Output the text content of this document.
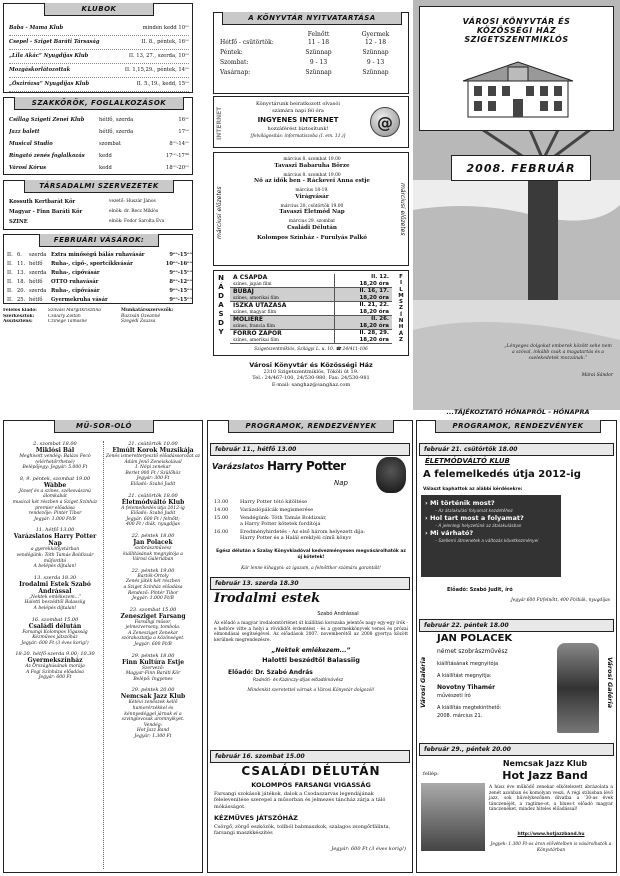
KLUBOK
Baba - Mama Klub	minden kedd 10ᵒᵒ
Csepel - Sziget Baráti Társaság	II. 8., péntek, 16ᵒᵒ
„Lila Akác” Nyugdíjas Klub	II. 13, 27., szerda, 10ᵒᵒ
Mozgáskorlátozottak	II. 1,15,29., péntek, 14ᵒᵒ
„Őszirózsa” Nyugdíjas Klub	II. 5.,19., kedd, 15ᵒᵒ
SZAKKÖRÖK, FOGLALKOZÁSOK
Csillag Szigeti Zenei Klub	hétfő, szerda	16ᵒᵒ
Jazz balett	hétfő, szerda	17ᵒᵒ
Musical Studio	szombat	8ᵒᵒ-14ᵒᵒ
Ringató zenés foglalkozás	kedd	17ᵒᵒ-17³⁰
Városi Kórus	kedd	18ᵒᵒ-20ᵒᵒ
TÁRSADALMI SZERVEZETEK
Kossuth Kertbarát Kör	vezető: Huszár János
Magyar - Finn Baráti Kör	elnök: dr. Becz Miklós
SZINE	elnök: Fodor Sarolta Éva
FEBRUÁRI VÁSÁROK:
II. 6.	szerda Extra minőségű bálás ruhavásár	9ᵒᵒ-15ᵒᵒ
II. 11. hétfő	Ruha-, cipő-, sportcikkvásár	10ᵒᵒ-16ᵒᵒ
II. 13. szerda Ruha-, cipővásár	9ᵒᵒ-15ᵒᵒ
II. 18. hétfő	OTTO ruhavásár	8ᵒᵒ-12ᵒᵒ
II. 20. szerda Ruha-, cipővásár	9ᵒᵒ-15ᵒᵒ
II. 25. hétfő	Gyermekruha vásár	9ᵒᵒ-15ᵒᵒ
Felelős kiadó:	Szilvási Margitkrisztina
Szerkesztők:	Csilláry Zoltán
Asszisztens:	Czinege Tamásné
Munkatársszervezők:
Buzzsán Ozeanné
Szegedi Zsuzsa
A KÖNYVTÁR NYITVATARTÁSA
Felnőtt	Gyermek
Hétfő - csütörtök:	11 - 18	12 - 18
Péntek:	Szünnap	Szünnap
Szombat:	9 - 13	9 - 13
Vasárnap:	Szünnap	Szünnap
INTERNET
Könyvtárunk beiratkozott olvasói
számára napi fél óra
INGYENES INTERNET
hozzáférést biztosítunk!
[felvilágosítás: informatiszoba (I. em. 11.)]
@
márciusi előzetes	márciusi előzetes
március 8. szombat 19.00
Tavaszi Babaruha Börze
március 8. szombat 19.00
Nő az idők ben - Ráckevei Anna estje
március 18-19.
Virágvásár
március 20. csütörtök 19.00
Tavaszi Életmód Nap
március 29. szombat
Családi Délután
Kolompos Színház - Furulyás Palkó
N
Á
D
A
S
D
Y
F
I
L
M
S
Z
Í
N
H
Á
Z
A CSAPDA
színes, japán film
II. 12.
18,20 óra
BÜBÁJ
színes, amerikai film
II. 16, 17.
18,20 óra
ISZKA UTAZÁSA
színes, magyar film
II. 21, 22.
18,20 óra
MOLIÈRE
színes, francia film
II. 26.
18,20 óra
FORRÓ ZÁPOR
színes, amerikai film
II. 28, 29.
18,20 óra
Szigetszentmiklós, Szilágyi L. u. 10. ☎ 24/411-106
Városi Könyvtár és Közösségi Ház
2310 Szigetszentmiklós, Tököli út 19.
Tel.: 24/467-100, 24/530-980, Fax: 24/530-981
E-mail: sanghaz@sanghaz.com
VÁROSI KÖNYVTÁR ÉS
KÖZÖSSÉGI HÁZ
SZIGETSZENTMIKLÓS
2008. FEBRUÁR
„Lényeges dolgokat emberek között sehe nem a szóval, inkább csak a magatartás és a cselekedetek mozzának.”
Márai Sándor
...TÁJÉKOZTATÓ HÓNAPRÓL - HÓNAPRA
MŰ-SOR-OLÓ
2. szombat 18.00
Miklósi Bál
Meghívott vendég: Balázs Fecó
(elérhetőrrhetsé)
Belépőjegy: Jegyár: 5.000 Ft
8, 9. péntek, szombat 19.00
Wábbe
József és a színes, szélesvásznú álomkabát
musical két részben a Sziget Színház premier előadása
rendezője: Pintér Tibor
Jegyár: 1.000 Ft/B
11. hétfő 13.00
Varázslatos Harry Potter Nap
a gyerekkönyvtárban
vendégünk: Tóth Tamás Boldizsár
műfordító
A belépés díjtalan!
13. szerda 18.30
Irodalmi Estek Szabó Andrással
„Nektek emlékezem...”
Halotti beszédtől Balassiig
A belépés díjtalan!
16. szombat 15.00
Családi délután
Farsangi Kolompos Vigasság
Kézműves játszóház
Jegyár: 600 Ft (3 éves korig!)
18-20. hétfő-szerda 9.00; 10.30
Gyermekszínház
Az Országhúsának morája
A Fogi Színháza előadása
Jegyár: 600 Ft
21. csütörtök 10.00
Elmúlt Korok Muzsikája
Zenés ismeretterjesztő előadássorozat az
Ádám Jenő Zeneiskolával
I. Népi zenekar
Berlet 900 Ft / Szülőhöz
Jegyár: 300 Ft
Előadó: Szabó Judit
21. csütörtök 18.00
Életmódváltó Klub
A felemelkedés útja 2012-ig
Előadó: Szabó Judit
Jegyár: 600 Ft / felnőtt;
400 Ft / diák, nyugdíjas
22. péntek 18.00
Jan Polacek
szobrászművész
kiállításának megnyitója a
Városi Galériában
22. péntek 19.00
Bartók-Ortoly
Zenés játék két részben
a Sziget Színház előadása
Rendező: Pintér Tibor
Jegyár: 1.000 Ft/B
23. szombat 15.00
Zenesziget Farsang
Farsangi műsor,
jelmezverseny, tombola.
A Zenesziget Zenekar
szórakoztatja a közönséget.
Jegyár: 600 Ft/B
29. péntek 18.00
Finn Kultúra Estje
Szervező:
Magyar-Finn Baráti Kör
Belépő: Ingyenes
29. péntek 20.00
Nemcsak Jazz Klub
Kétévi zenészek kellő
humorérzékkel és
kénnyedéggel járnak el a
szvinglovcsak aromnyikyet.
Vendég:
Hot Jazz Band
Jegyár: 1.300 Ft
PROGRAMOK, RENDEZVÉNYEK
február 11., hétfő 13.00
Varázslatos Harry Potter
Nap
13.00	Harry Potter tótó kitöltése
14.00	Varázslópálcák megismerése
15.00	Vendégünk: Tóth Tamás Boldizsár,
a Harry Potter kötetek fordítója
16.00	Eredményhirdetés - Az első három helyezett díja:
Harry Potter és a Halál ereklyéi című könyv
Egész délután a Szalay Könyvkiadóval kedvezményesen megvásárolhatók az új kötetek!
Kár lenne kihagyni: az igazam, a felnőttkor számára garantált!
február 13. szerda 18.30
Irodalmi estek
Szabó Andrással
Az előadó a magyar irodalomtörténet út kiállítási korszaka jelentős nagy egy-egy írók - e heltöre vitte a helyi a rövididőt érdemtést - és a gyermekkönyvek versei és prózai elmondásai segítségével. Az előadások 2007. novemberétől az 2008 gyertya között kerülnek megrendezésre.
„Nektek emlékezem...”
Halotti beszédtől Balassiig
Előadó: Dr. Szabó András
Radnóti- és Kazinczy-díjas előadóművész
Mindenkit szeretettel várnak a Városi Könyvtár dolgozói!
február 16. szombat 15.00
CSALÁDI DÉLUTÁN
KOLOMPOS FARSANGI VIGASSÁG
Farsangi szokások játékok, dalok a Csodaszarvas legendájának felelevenítése szerepel a műsorban és jelmezes táncház zárja a táló mókásságot.
KÉZMŰVES JÁTSZÓHÁZ
Csörgő, zörgő eszközök, tollból babmaszkok, szalagos zsongőrfálinta, farsangi maszkkészítés
Jegyár: 600 Ft (3 éves korig!)
PROGRAMOK, RENDEZVÉNYEK
február 21. csütörtök 18.00
ÉLETMÓDVÁLTÓ KLUB
A felemelkedés útja 2012-ig
Választ kaphattok az alábbi kérdésekre:
› Mi történik most?
– Az átalakulási folyamat kezdetéhez
› Hol tart most a folyamat?
– A jelenlegi helyzetünk az átalakulásban
› Mi várható?
– Szellemi átmenetek a változás következményei
Előadó: Szabó Judit, író
Jegyár 600 Ft/felnőtt, 400 Ft/diák, nyugdíjas
február 22. péntek 18.00
Városi Galéria	Városi Galéria
JAN POLACEK
német szobrászművész
kiállításának megnyitója
A kiállítást megnyitja:
Novotny Tihamér
művészeti író
A kiállítás megtekinthető:
2008. március 21.
február 29., péntek 20.00
Nemcsak Jazz Klub
fellép:	Hot Jazz Band
A húsz éve működő zenekar elkötelezett ábrázolata a zenét azonban és komolyan veszi. A régi stílusban lévő jazz, sok hüvelykezőnen divatba a '30-as évek tánczenéjét, a ragtime-ot, a blues-t előadó magyar tánczenéket, mindez hiteles előadással!
http://www.hotjazzband.hu
Jegyek: 1.300 Ft-os áron elővételben is vásárolhatók a Könyvtárban
